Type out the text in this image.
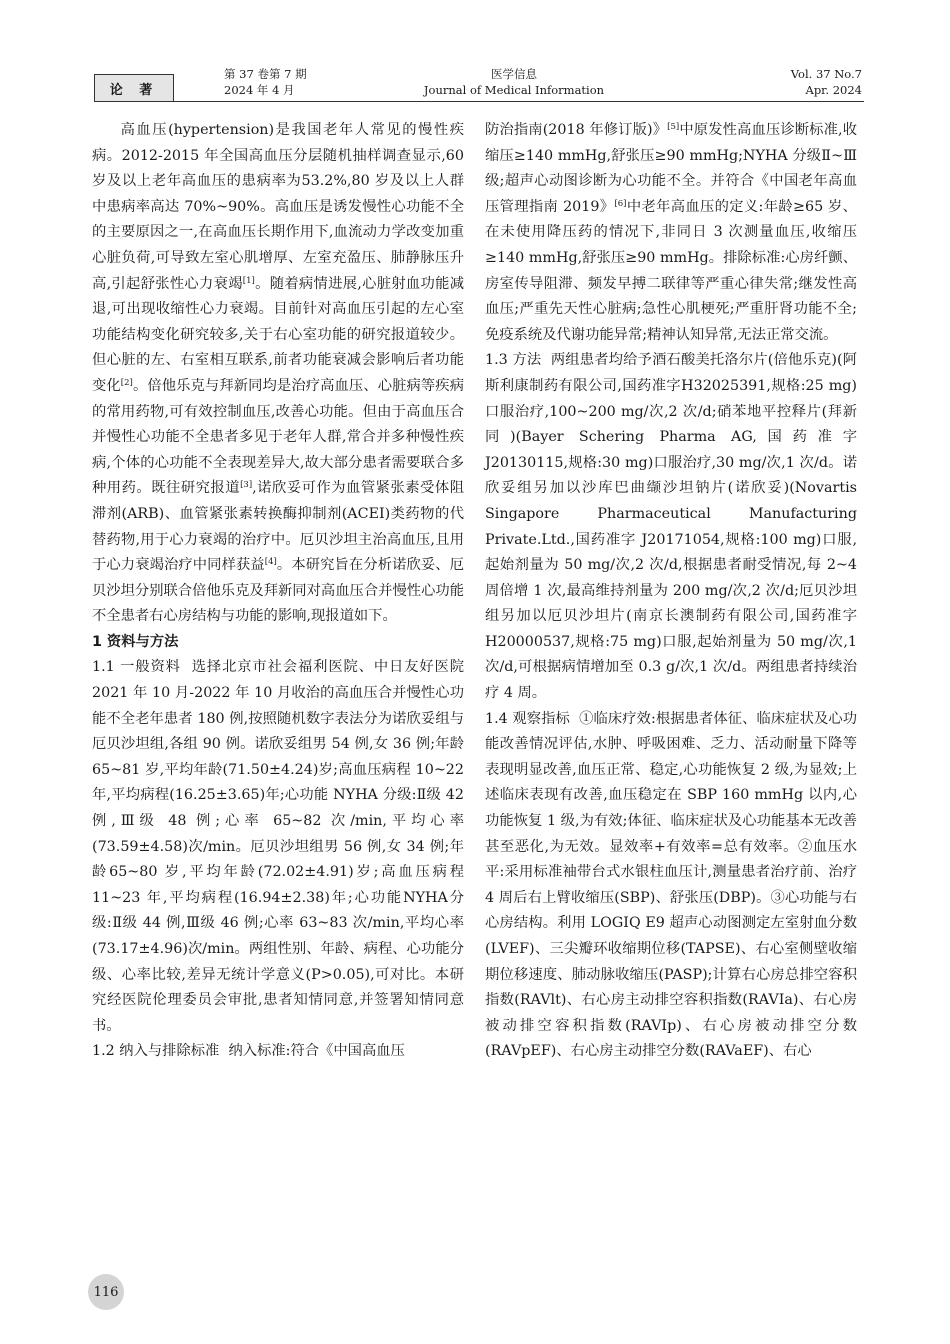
论 著
第 37 卷第 7 期
2024 年 4 月
医学信息
Journal of Medical Information
Vol. 37 No.7
Apr. 2024

高血压(hypertension)是我国老年人常见的慢性疾病。2012-2015 年全国高血压分层随机抽样调查显示,60 岁及以上老年高血压的患病率为53.2%,80 岁及以上人群中患病率高达 70%~90%。高血压是诱发慢性心功能不全的主要原因之一,在高血压长期作用下,血流动力学改变加重心脏负荷,可导致左室心肌增厚、左室充盈压、肺静脉压升高,引起舒张性心力衰竭[1]。随着病情进展,心脏射血功能减退,可出现收缩性心力衰竭。目前针对高血压引起的左心室功能结构变化研究较多,关于右心室功能的研究报道较少。但心脏的左、右室相互联系,前者功能衰减会影响后者功能变化[2]。倍他乐克与拜新同均是治疗高血压、心脏病等疾病的常用药物,可有效控制血压,改善心功能。但由于高血压合并慢性心功能不全患者多见于老年人群,常合并多种慢性疾病,个体的心功能不全表现差异大,故大部分患者需要联合多种用药。既往研究报道[3],诺欣妥可作为血管紧张素受体阻滞剂(ARB)、血管紧张素转换酶抑制剂(ACEI)类药物的代替药物,用于心力衰竭的治疗中。厄贝沙坦主治高血压,且用于心力衰竭治疗中同样获益[4]。本研究旨在分析诺欣妥、厄贝沙坦分别联合倍他乐克及拜新同对高血压合并慢性心功能不全患者右心房结构与功能的影响,现报道如下。

1 资料与方法

1.1 一般资料 选择北京市社会福利医院、中日友好医院 2021 年 10 月-2022 年 10 月收治的高血压合并慢性心功能不全老年患者 180 例,按照随机数字表法分为诺欣妥组与厄贝沙坦组,各组 90 例。诺欣妥组男 54 例,女 36 例;年龄 65~81 岁,平均年龄(71.50±4.24)岁;高血压病程 10~22 年,平均病程(16.25±3.65)年;心功能 NYHA 分级:Ⅱ级 42 例,Ⅲ级 48 例;心率 65~82 次/min,平均心率(73.59±4.58)次/min。厄贝沙坦组男 56 例,女 34 例;年龄65~80 岁,平均年龄(72.02±4.91)岁;高血压病程11~23 年,平均病程(16.94±2.38)年;心功能NYHA分级:Ⅱ级 44 例,Ⅲ级 46 例;心率 63~83 次/min,平均心率(73.17±4.96)次/min。两组性别、年龄、病程、心功能分级、心率比较,差异无统计学意义(P>0.05),可对比。本研究经医院伦理委员会审批,患者知情同意,并签署知情同意书。

1.2 纳入与排除标准 纳入标准:符合《中国高血压

防治指南(2018 年修订版)》[5]中原发性高血压诊断标准,收缩压≥140 mmHg,舒张压≥90 mmHg;NYHA 分级Ⅱ~Ⅲ级;超声心动图诊断为心功能不全。并符合《中国老年高血压管理指南 2019》[6]中老年高血压的定义:年龄≥65 岁、在未使用降压药的情况下,非同日 3 次测量血压,收缩压≥140 mmHg,舒张压≥90 mmHg。排除标准:心房纤颤、房室传导阻滞、频发早搏二联律等严重心律失常;继发性高血压;严重先天性心脏病;急性心肌梗死;严重肝肾功能不全;免疫系统及代谢功能异常;精神认知异常,无法正常交流。

1.3 方法 两组患者均给予酒石酸美托洛尔片(倍他乐克)(阿斯利康制药有限公司,国药准字H32025391,规格:25 mg)口服治疗,100~200 mg/次,2 次/d;硝苯地平控释片(拜新同)(Bayer Schering Pharma AG,国药准字 J20130115,规格:30 mg)口服治疗,30 mg/次,1 次/d。诺欣妥组另加以沙库巴曲缬沙坦钠片(诺欣妥)(Novartis Singapore Pharmaceutical Manufacturing Private.Ltd.,国药准字 J20171054,规格:100 mg)口服,起始剂量为 50 mg/次,2 次/d,根据患者耐受情况,每 2~4 周倍增 1 次,最高维持剂量为 200 mg/次,2 次/d;厄贝沙坦组另加以厄贝沙坦片(南京长澳制药有限公司,国药准字H20000537,规格:75 mg)口服,起始剂量为 50 mg/次,1 次/d,可根据病情增加至 0.3 g/次,1 次/d。两组患者持续治疗 4 周。

1.4 观察指标 ①临床疗效:根据患者体征、临床症状及心功能改善情况评估,水肿、呼吸困难、乏力、活动耐量下降等表现明显改善,血压正常、稳定,心功能恢复 2 级,为显效;上述临床表现有改善,血压稳定在 SBP 160 mmHg 以内,心功能恢复 1 级,为有效;体征、临床症状及心功能基本无改善甚至恶化,为无效。显效率+有效率=总有效率。②血压水平:采用标准袖带台式水银柱血压计,测量患者治疗前、治疗 4 周后右上臂收缩压(SBP)、舒张压(DBP)。③心功能与右心房结构。利用 LOGIQ E9 超声心动图测定左室射血分数(LVEF)、三尖瓣环收缩期位移(TAPSE)、右心室侧壁收缩期位移速度、肺动脉收缩压(PASP);计算右心房总排空容积指数(RAVlt)、右心房主动排空容积指数(RAVIa)、右心房被动排空容积指数(RAVIp)、右心房被动排空分数(RAVpEF)、右心房主动排空分数(RAVaEF)、右心

116
